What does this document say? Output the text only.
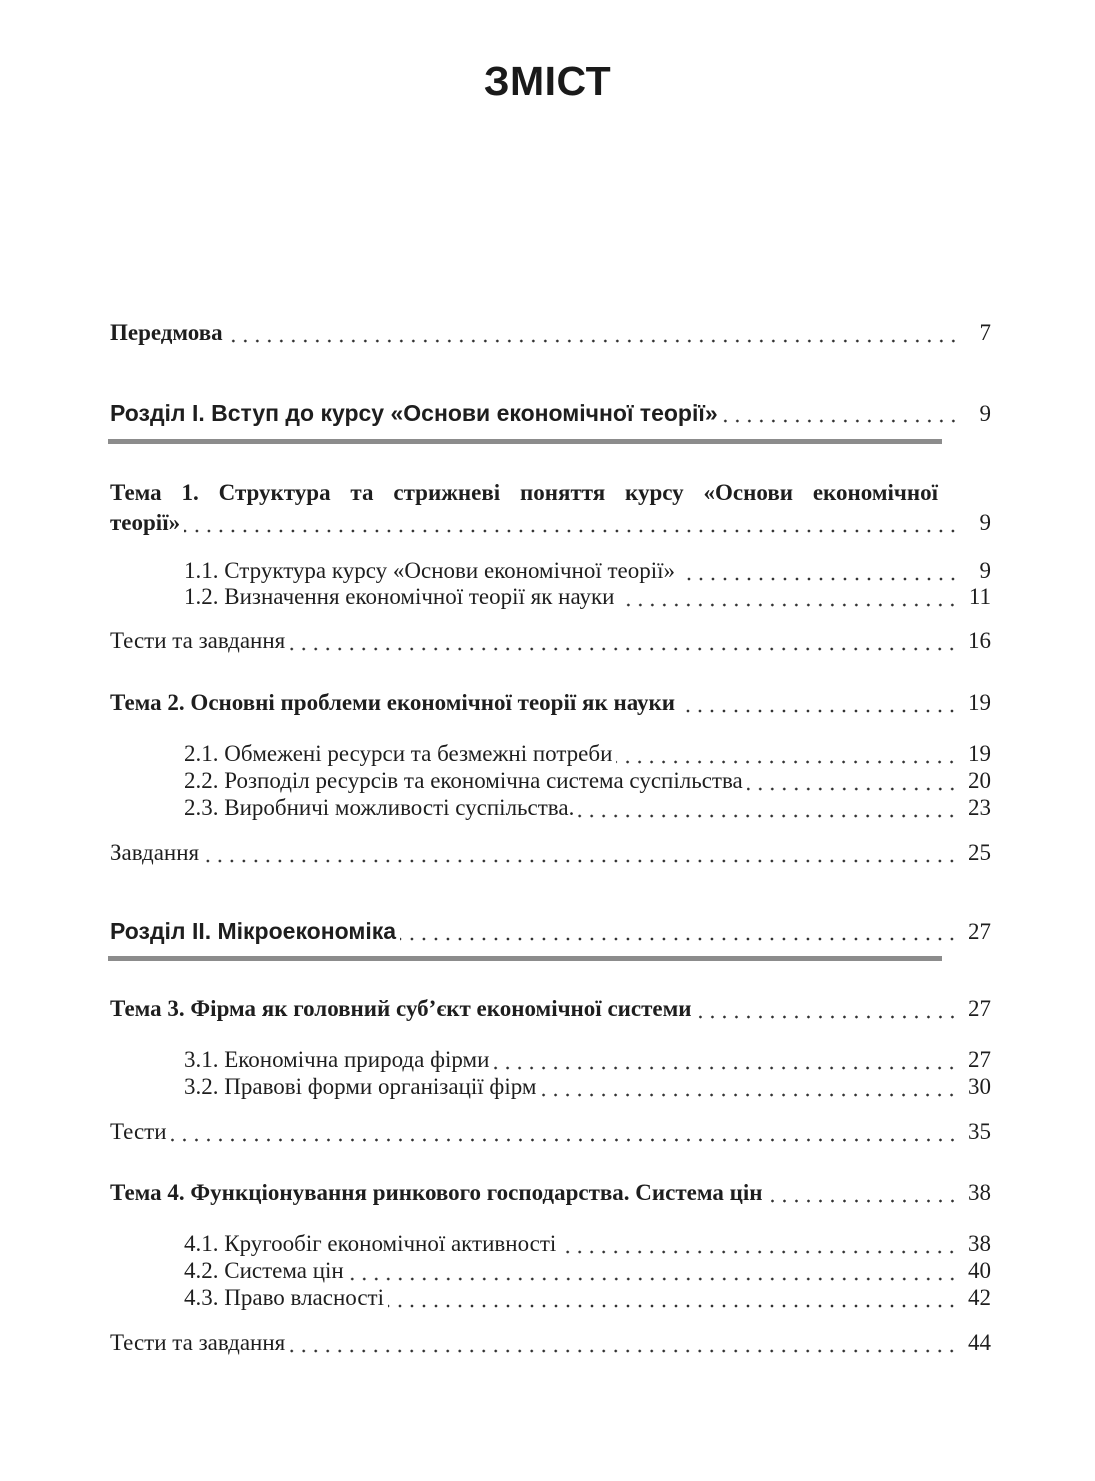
ЗМІСТ
Передмова	7
Розділ І. Вступ до курсу «Основи економічної теорії»	9
Тема 1. Структура та стрижневі поняття курсу «Основи економічної
теорії»	9
1.1. Структура курсу «Основи економічної теорії»	9
1.2. Визначення економічної теорії як науки	11
Тести та завдання	16
Тема 2. Основні проблеми економічної теорії як науки	19
2.1. Обмежені ресурси та безмежні потреби	19
2.2. Розподіл ресурсів та економічна система суспільства	20
2.3. Виробничі можливості суспільства.	23
Завдання	25
Розділ ІІ. Мікроекономіка	27
Тема 3. Фірма як головний суб’єкт економічної системи	27
3.1. Економічна природа фірми	27
3.2. Правові форми організації фірм	30
Тести	35
Тема 4. Функціонування ринкового господарства. Система цін	38
4.1. Кругообіг економічної активності	38
4.2. Система цін	40
4.3. Право власності	42
Тести та завдання	44
